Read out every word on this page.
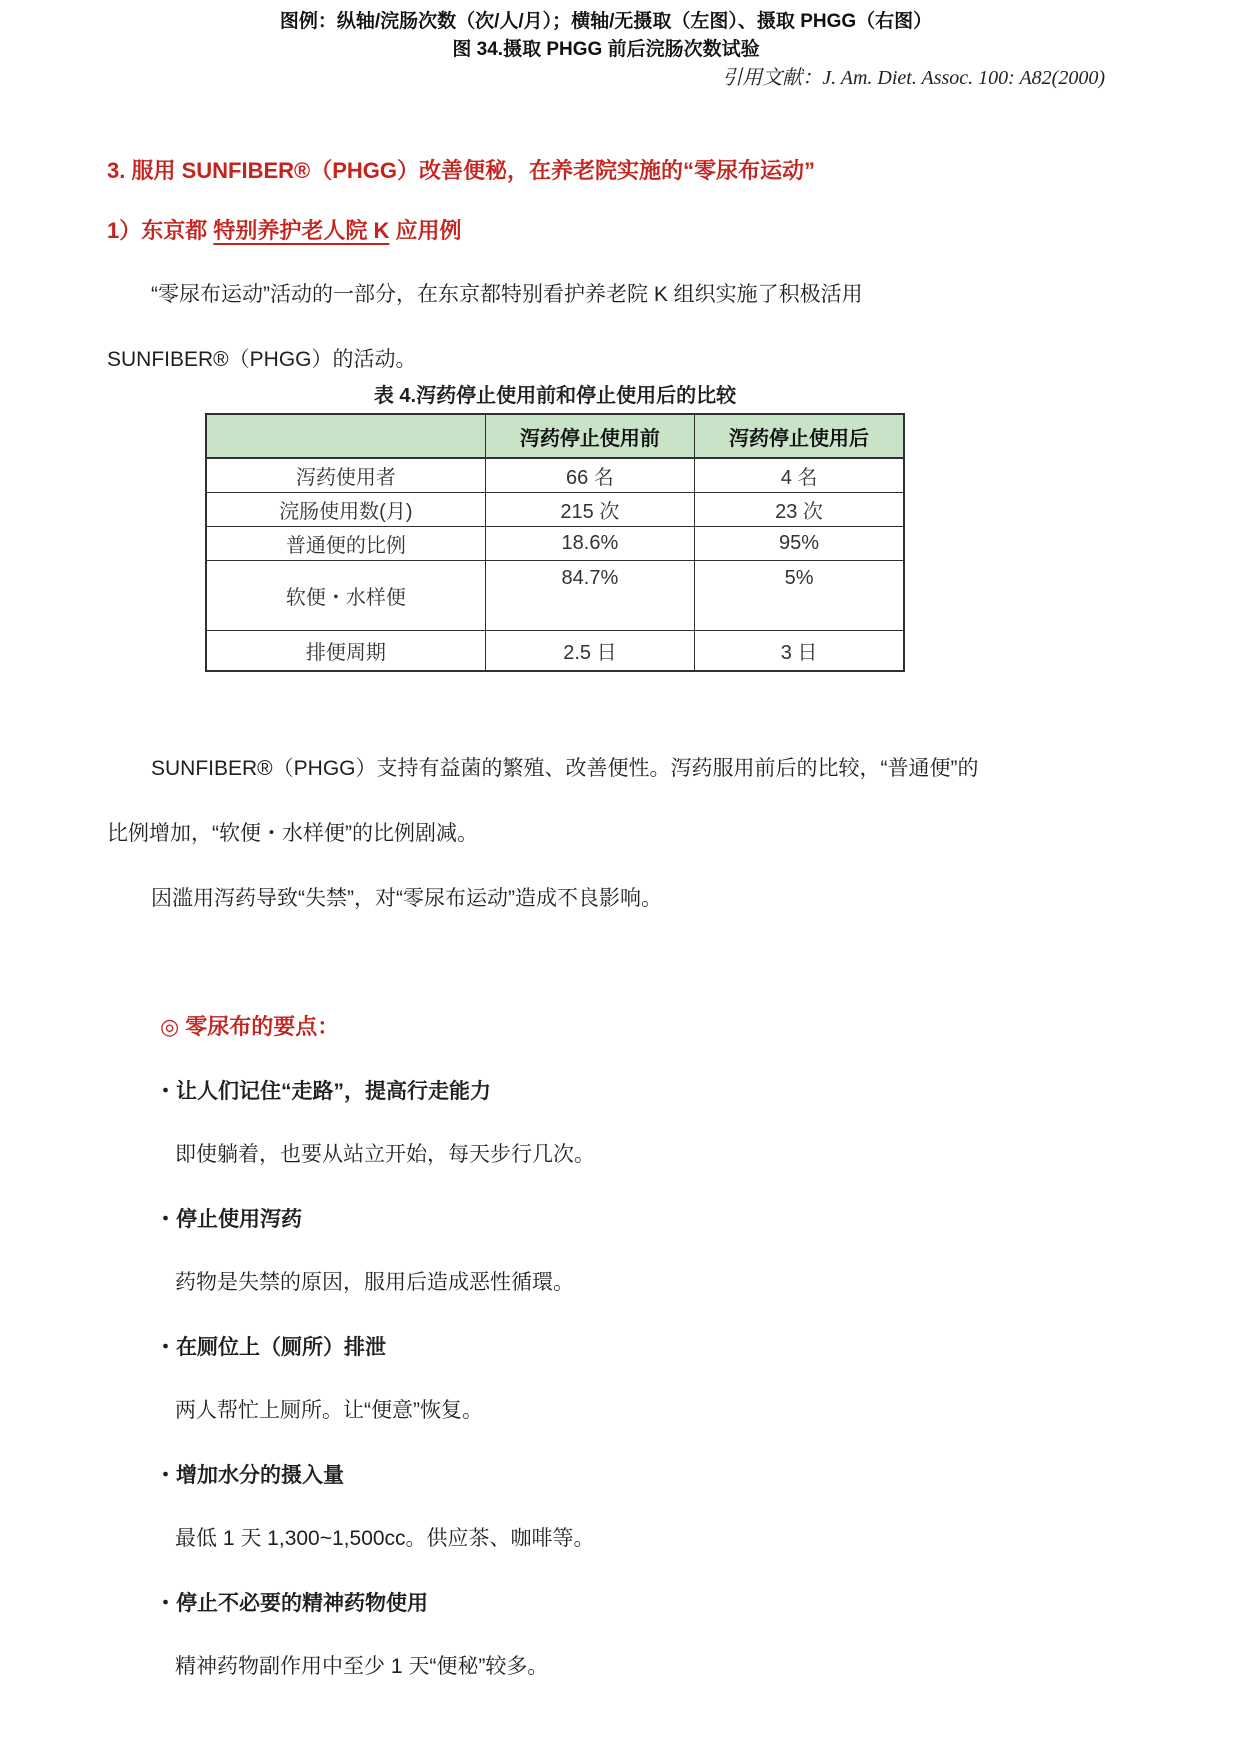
图例：纵轴/浣肠次数（次/人/月）；横轴/无摄取（左图）、摄取 PHGG（右图）
图 34.摄取 PHGG 前后浣肠次数试验
引用文献：J. Am. Diet. Assoc. 100: A82(2000)
3. 服用 SUNFIBER®（PHGG）改善便秘，在养老院实施的“零尿布运动”
1）东京都 特别养护老人院 K 应用例
“零尿布运动”活动的一部分，在东京都特别看护养老院 K 组织实施了积极活用
SUNFIBER®（PHGG）的活动。
表 4.泻药停止使用前和停止使用后的比较
	泻药停止使用前	泻药停止使用后
泻药使用者	66 名	4 名
浣肠使用数(月)	215 次	23 次
普通便的比例	18.6%	95%
软便・水样便	84.7%	5%
排便周期	2.5 日	3 日
SUNFIBER®（PHGG）支持有益菌的繁殖、改善便性。泻药服用前后的比较，“普通便”的
比例增加，“软便・水样便”的比例剧减。
因滥用泻药导致“失禁”，对“零尿布运动”造成不良影响。
◎ 零尿布的要点：
・让人们记住“走路”，提高行走能力
即使躺着，也要从站立开始，每天步行几次。
・停止使用泻药
药物是失禁的原因，服用后造成恶性循環。
・在厕位上（厕所）排泄
两人帮忙上厕所。让“便意”恢复。
・增加水分的摄入量
最低 1 天 1,300~1,500cc。供应茶、咖啡等。
・停止不必要的精神药物使用
精神药物副作用中至少 1 天“便秘”较多。
